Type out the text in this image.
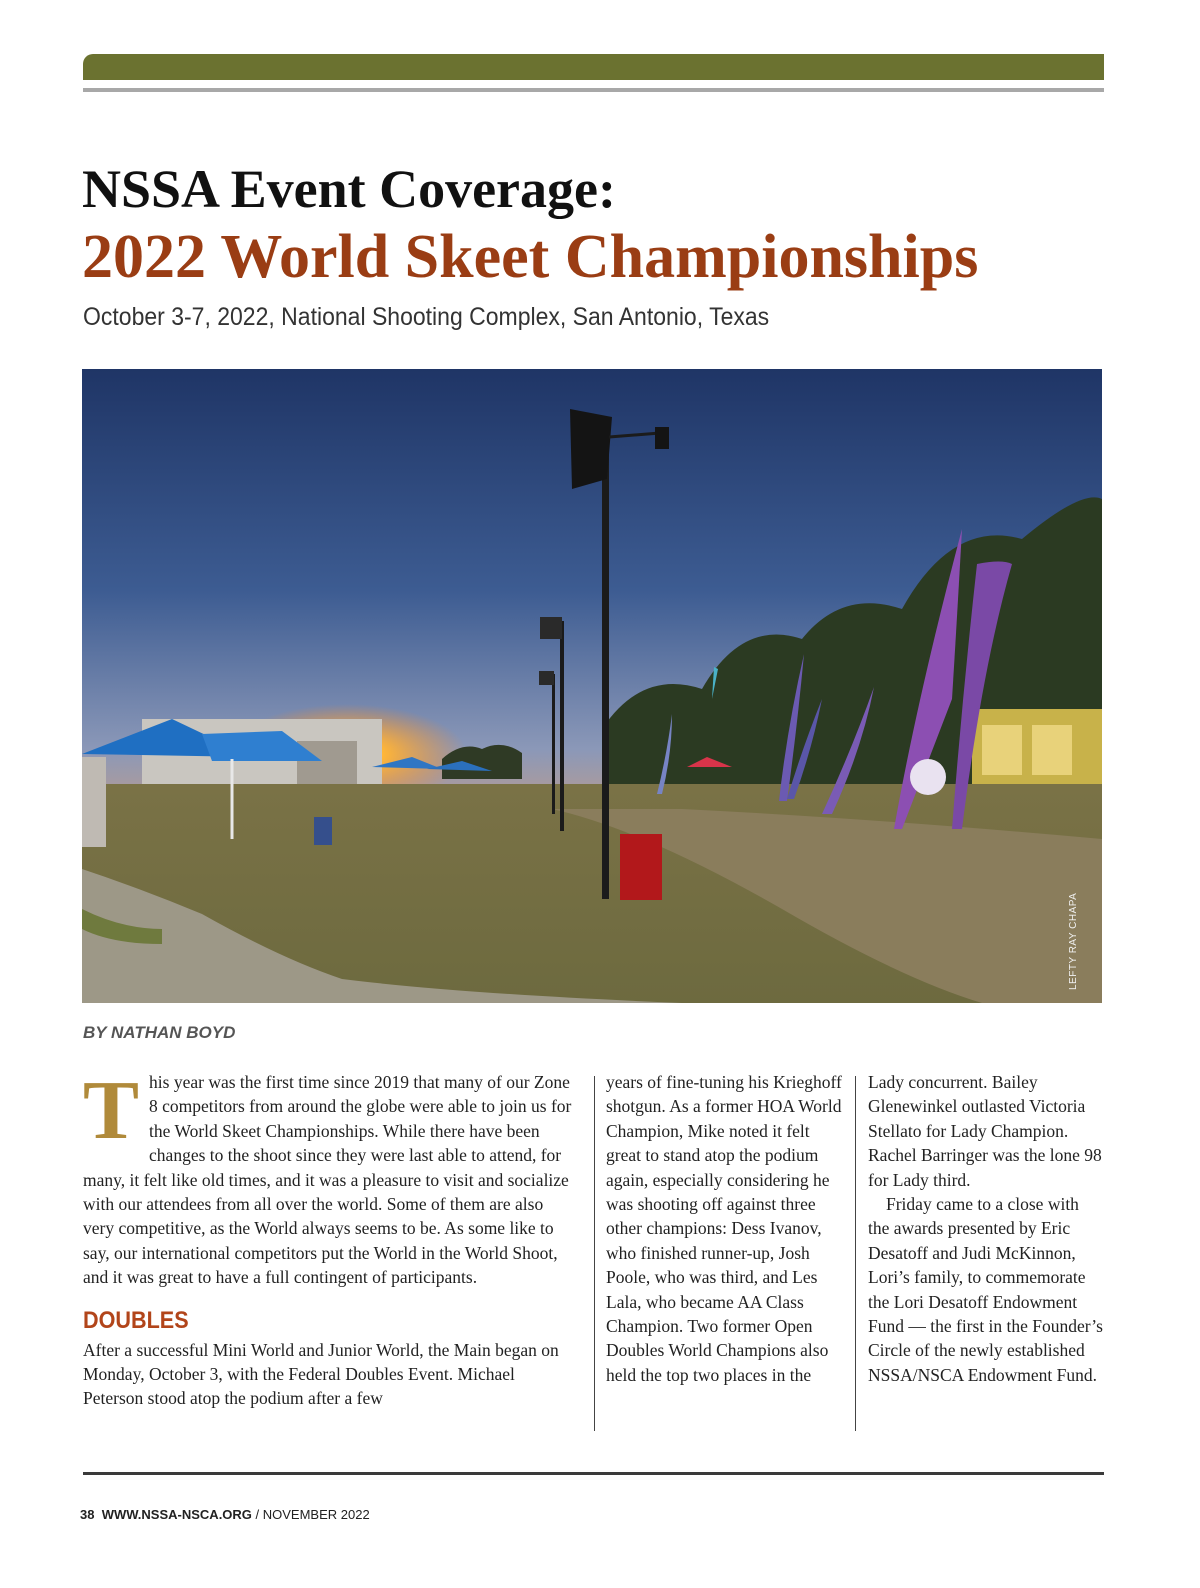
NSSA Event Coverage:
2022 World Skeet Championships

October 3-7, 2022, National Shooting Complex, San Antonio, Texas

LEFTY RAY CHAPA

BY NATHAN BOYD

T his year was the first time since 2019 that many of our Zone 8 competitors from around the globe were able to join us for the World Skeet Championships. While there have been changes to the shoot since they were last able to attend, for many, it felt like old times, and it was a pleasure to visit and socialize with our attendees from all over the world. Some of them are also very competitive, as the World always seems to be. As some like to say, our international competitors put the World in the World Shoot, and it was great to have a full contingent of participants.

DOUBLES

After a successful Mini World and Junior World, the Main began on Monday, October 3, with the Federal Doubles Event. Michael Peterson stood atop the podium after a few

years of fine-tuning his Krieghoff shotgun. As a former HOA World Champion, Mike noted it felt great to stand atop the podium again, especially considering he was shooting off against three other champions: Dess Ivanov, who finished runner-up, Josh Poole, who was third, and Les Lala, who became AA Class Champion. Two former Open Doubles World Champions also held the top two places in the

Lady concurrent. Bailey Glenewinkel outlasted Victoria Stellato for Lady Champion. Rachel Barringer was the lone 98 for Lady third.

Friday came to a close with the awards presented by Eric Desatoff and Judi McKinnon, Lori’s family, to commemorate the Lori Desatoff Endowment Fund — the first in the Founder’s Circle of the newly established NSSA/NSCA Endowment Fund.

38 WWW.NSSA-NSCA.ORG / NOVEMBER 2022
